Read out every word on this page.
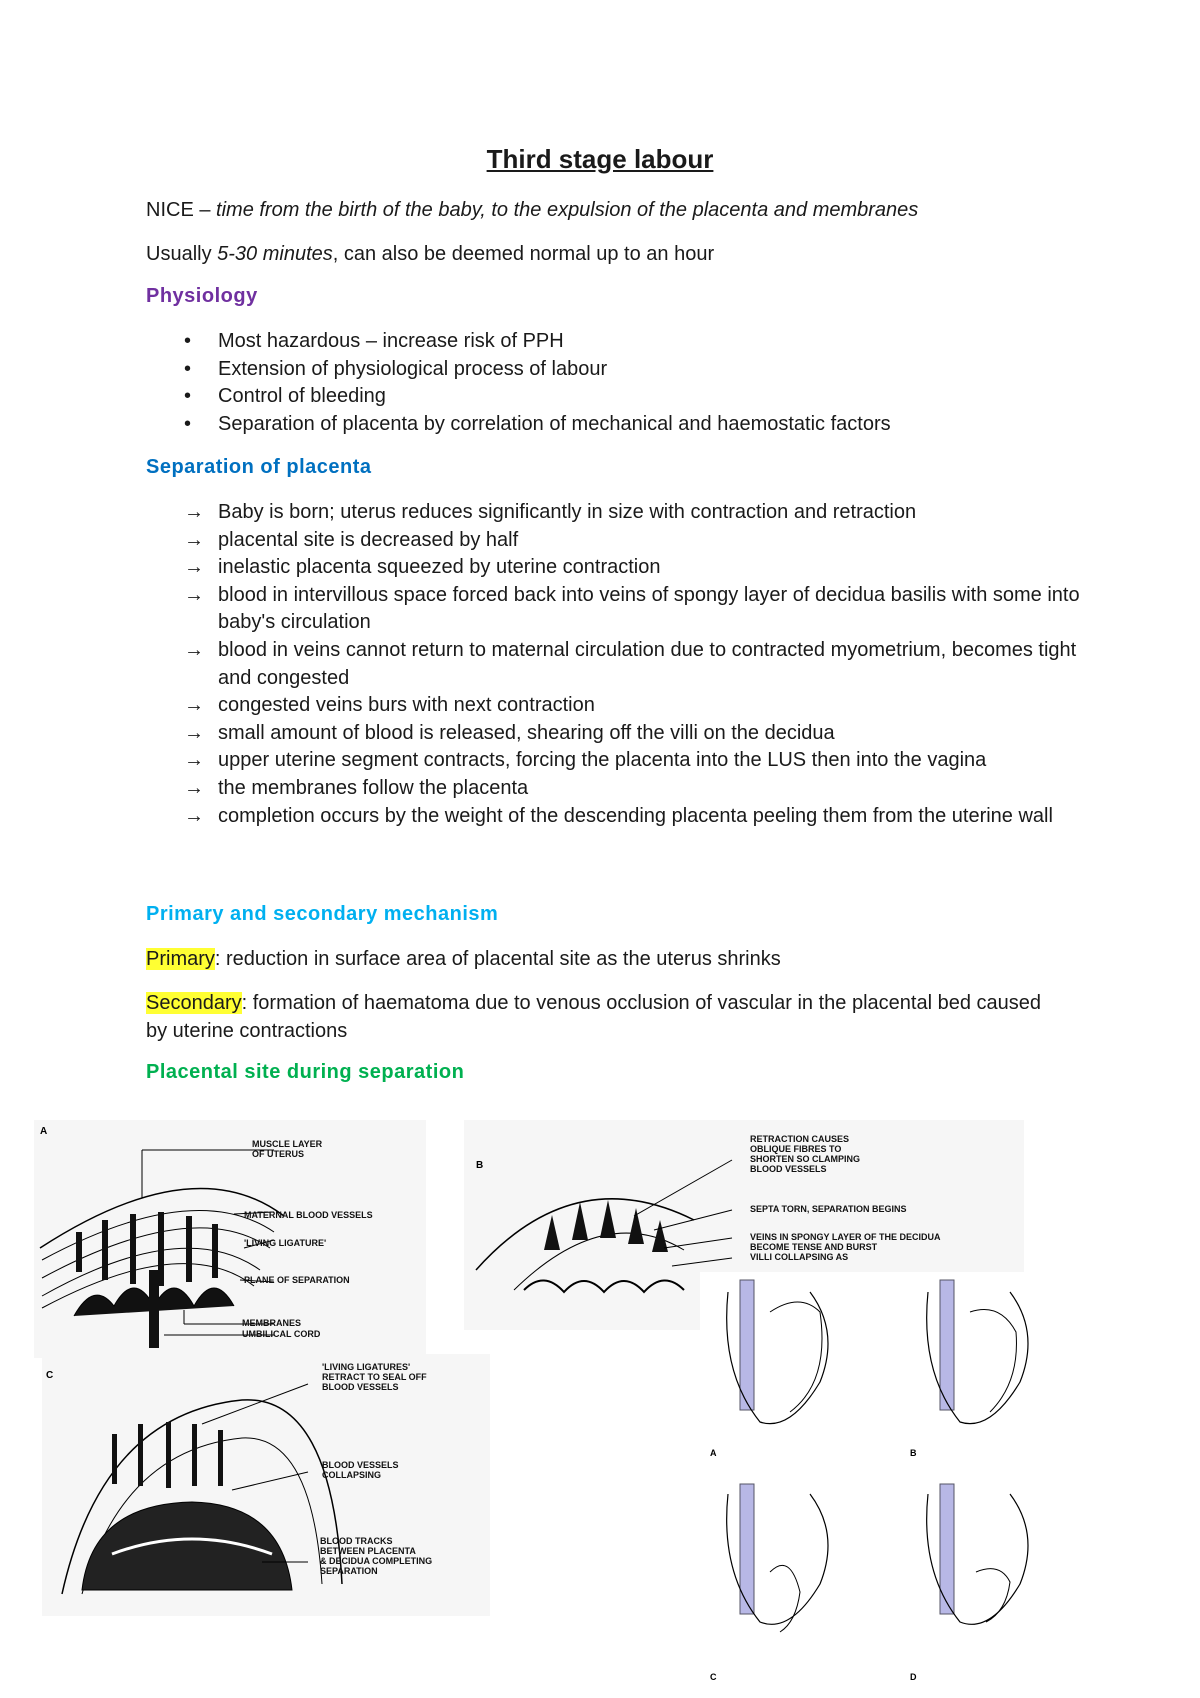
Third stage labour

NICE – time from the birth of the baby, to the expulsion of the placenta and membranes

Usually 5-30 minutes, can also be deemed normal up to an hour

Physiology
• Most hazardous – increase risk of PPH
• Extension of physiological process of labour
• Control of bleeding
• Separation of placenta by correlation of mechanical and haemostatic factors
Separation of placenta
→ Baby is born; uterus reduces significantly in size with contraction and retraction
→ placental site is decreased by half
→ inelastic placenta squeezed by uterine contraction
→ blood in intervillous space forced back into veins of spongy layer of decidua basilis with some into baby's circulation
→ blood in veins cannot return to maternal circulation due to contracted myometrium, becomes tight and congested
→ congested veins burs with next contraction
→ small amount of blood is released, shearing off the villi on the decidua
→ upper uterine segment contracts, forcing the placenta into the LUS then into the vagina
→ the membranes follow the placenta
→ completion occurs by the weight of the descending placenta peeling them from the uterine wall
Primary and secondary mechanism

Primary: reduction in surface area of placental site as the uterus shrinks

Secondary: formation of haematoma due to venous occlusion of vascular in the placental bed caused by uterine contractions

Placental site during separation
A
MUSCLE LAYER
OF UTERUS
MATERNAL BLOOD VESSELS
'LIVING LIGATURE'
PLANE OF SEPARATION
MEMBRANES
UMBILICAL CORD
B
RETRACTION CAUSES
OBLIQUE FIBRES TO
SHORTEN SO CLAMPING
BLOOD VESSELS
SEPTA TORN, SEPARATION BEGINS
VEINS IN SPONGY LAYER OF THE DECIDUA
BECOME TENSE AND BURST
VILLI COLLAPSING AS
C
'LIVING LIGATURES'
RETRACT TO SEAL OFF
BLOOD VESSELS
BLOOD VESSELS
COLLAPSING
BLOOD TRACKS
BETWEEN PLACENTA
& DECIDUA COMPLETING
SEPARATION
A	B
C	D
